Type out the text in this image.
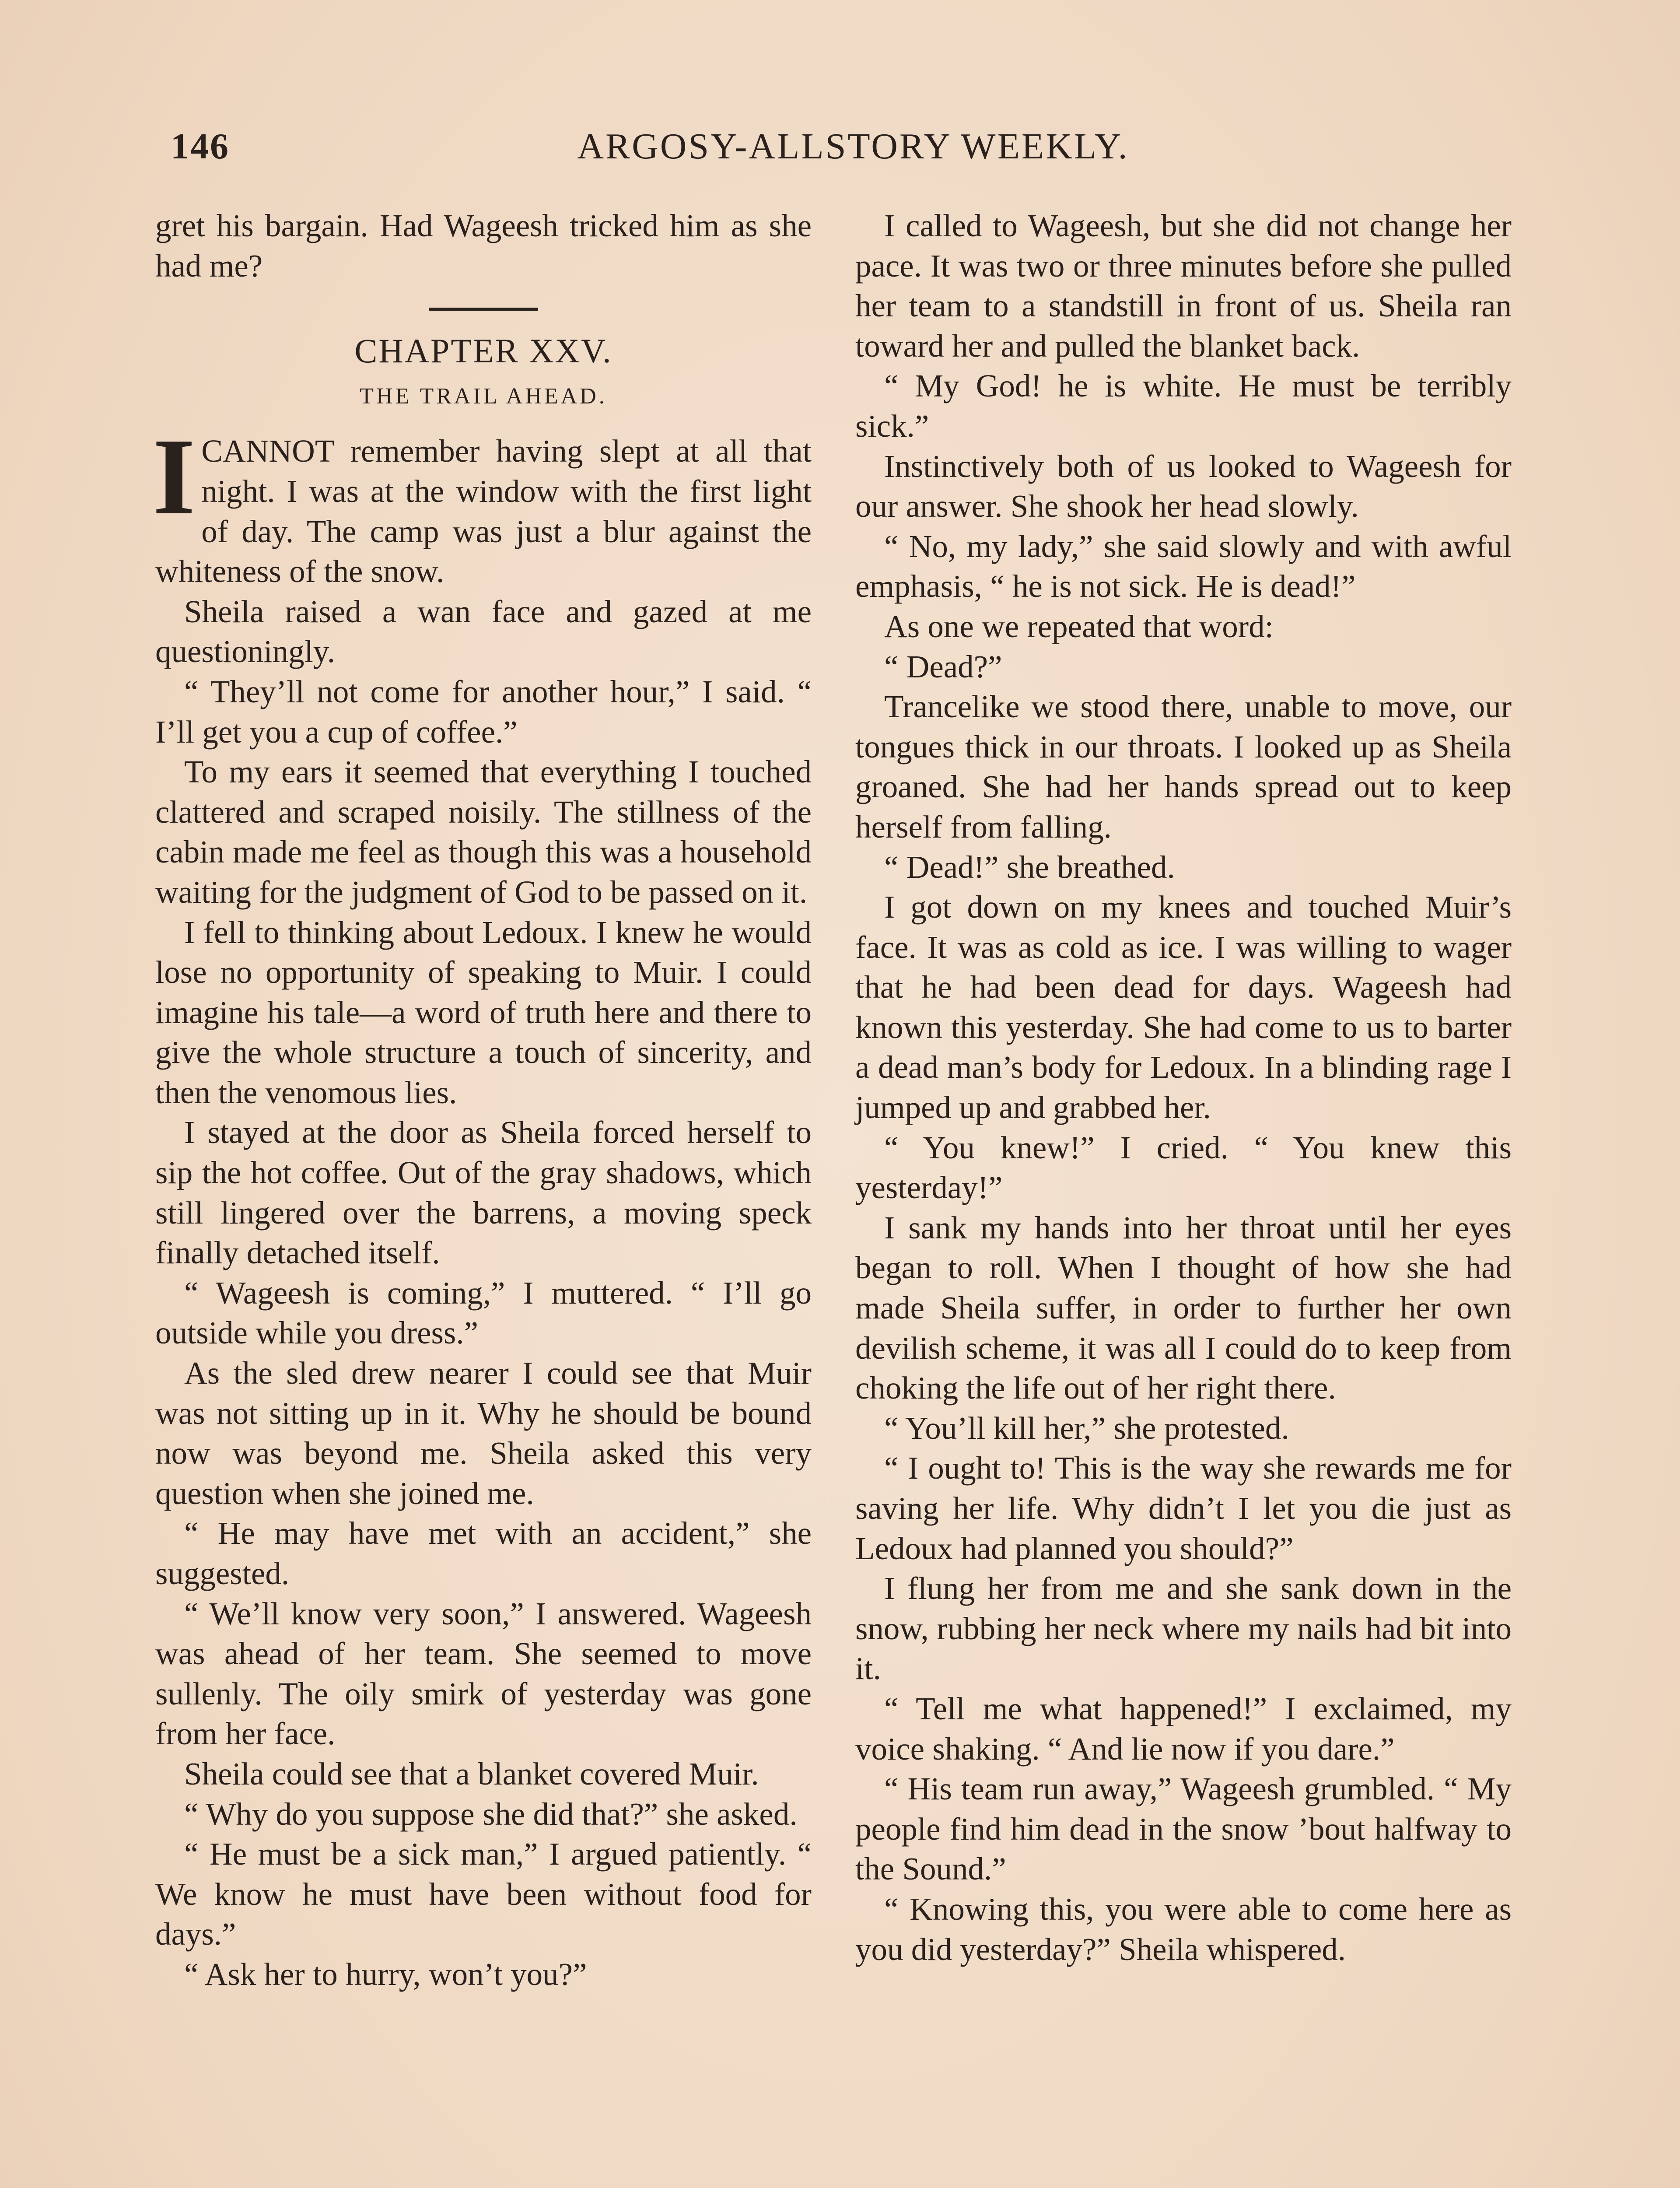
146	ARGOSY-ALLSTORY WEEKLY.

gret his bargain. Had Wageesh tricked him as she had me?

CHAPTER XXV.
THE TRAIL AHEAD.

ICANNOT remember having slept at all that night. I was at the window with the first light of day. The camp was just a blur against the whiteness of the snow.

Sheila raised a wan face and gazed at me questioningly.

“ They’ll not come for another hour,” I said. “ I’ll get you a cup of coffee.”

To my ears it seemed that everything I touched clattered and scraped noisily. The stillness of the cabin made me feel as though this was a household waiting for the judgment of God to be passed on it.

I fell to thinking about Ledoux. I knew he would lose no opportunity of speaking to Muir. I could imagine his tale—a word of truth here and there to give the whole structure a touch of sincerity, and then the venomous lies.

I stayed at the door as Sheila forced herself to sip the hot coffee. Out of the gray shadows, which still lingered over the barrens, a moving speck finally detached itself.

“ Wageesh is coming,” I muttered. “ I’ll go outside while you dress.”

As the sled drew nearer I could see that Muir was not sitting up in it. Why he should be bound now was beyond me. Sheila asked this very question when she joined me.

“ He may have met with an accident,” she suggested.

“ We’ll know very soon,” I answered. Wageesh was ahead of her team. She seemed to move sullenly. The oily smirk of yesterday was gone from her face.

Sheila could see that a blanket covered Muir.

“ Why do you suppose she did that?” she asked.

“ He must be a sick man,” I argued patiently. “ We know he must have been without food for days.”

“ Ask her to hurry, won’t you?”

I called to Wageesh, but she did not change her pace. It was two or three minutes before she pulled her team to a standstill in front of us. Sheila ran toward her and pulled the blanket back.

“ My God! he is white. He must be terribly sick.”

Instinctively both of us looked to Wageesh for our answer. She shook her head slowly.

“ No, my lady,” she said slowly and with awful emphasis, “ he is not sick. He is dead!”

As one we repeated that word:

“ Dead?”

Trancelike we stood there, unable to move, our tongues thick in our throats. I looked up as Sheila groaned. She had her hands spread out to keep herself from falling.

“ Dead!” she breathed.

I got down on my knees and touched Muir’s face. It was as cold as ice. I was willing to wager that he had been dead for days. Wageesh had known this yesterday. She had come to us to barter a dead man’s body for Ledoux. In a blinding rage I jumped up and grabbed her.

“ You knew!” I cried. “ You knew this yesterday!”

I sank my hands into her throat until her eyes began to roll. When I thought of how she had made Sheila suffer, in order to further her own devilish scheme, it was all I could do to keep from choking the life out of her right there.

“ You’ll kill her,” she protested.

“ I ought to! This is the way she rewards me for saving her life. Why didn’t I let you die just as Ledoux had planned you should?”

I flung her from me and she sank down in the snow, rubbing her neck where my nails had bit into it.

“ Tell me what happened!” I exclaimed, my voice shaking. “ And lie now if you dare.”

“ His team run away,” Wageesh grumbled. “ My people find him dead in the snow ’bout halfway to the Sound.”

“ Knowing this, you were able to come here as you did yesterday?” Sheila whispered.
